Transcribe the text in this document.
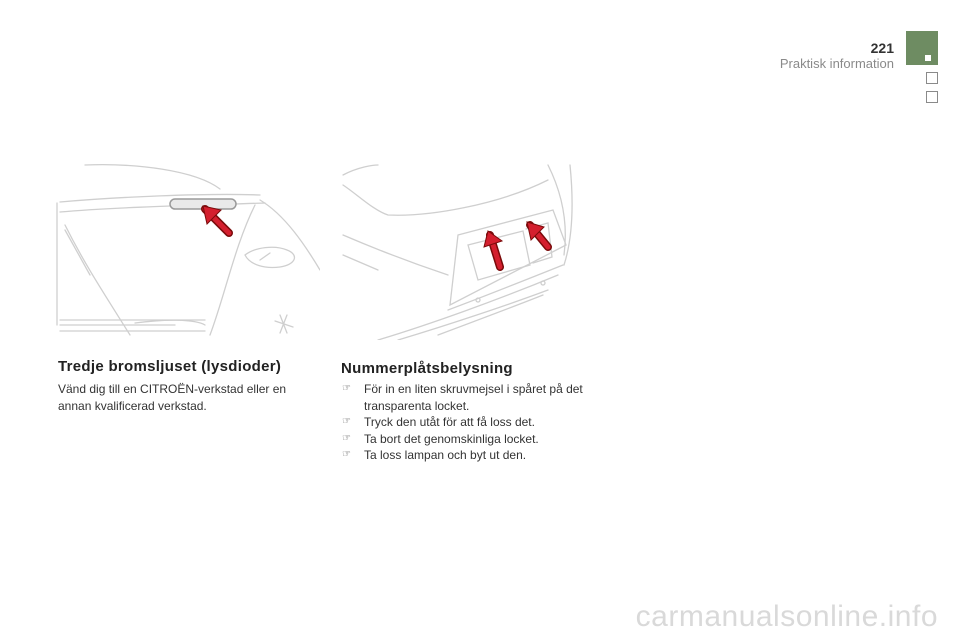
221
Praktisk information
Tredje bromsljuset (lysdioder)
Vänd dig till en CITROËN-verkstad eller en annan kvalificerad verkstad.
Nummerplåtsbelysning
☞ För in en liten skruvmejsel i spåret på det transparenta locket.
☞ Tryck den utåt för att få loss det.
☞ Ta bort det genomskinliga locket.
☞ Ta loss lampan och byt ut den.
carmanualsonline.info
